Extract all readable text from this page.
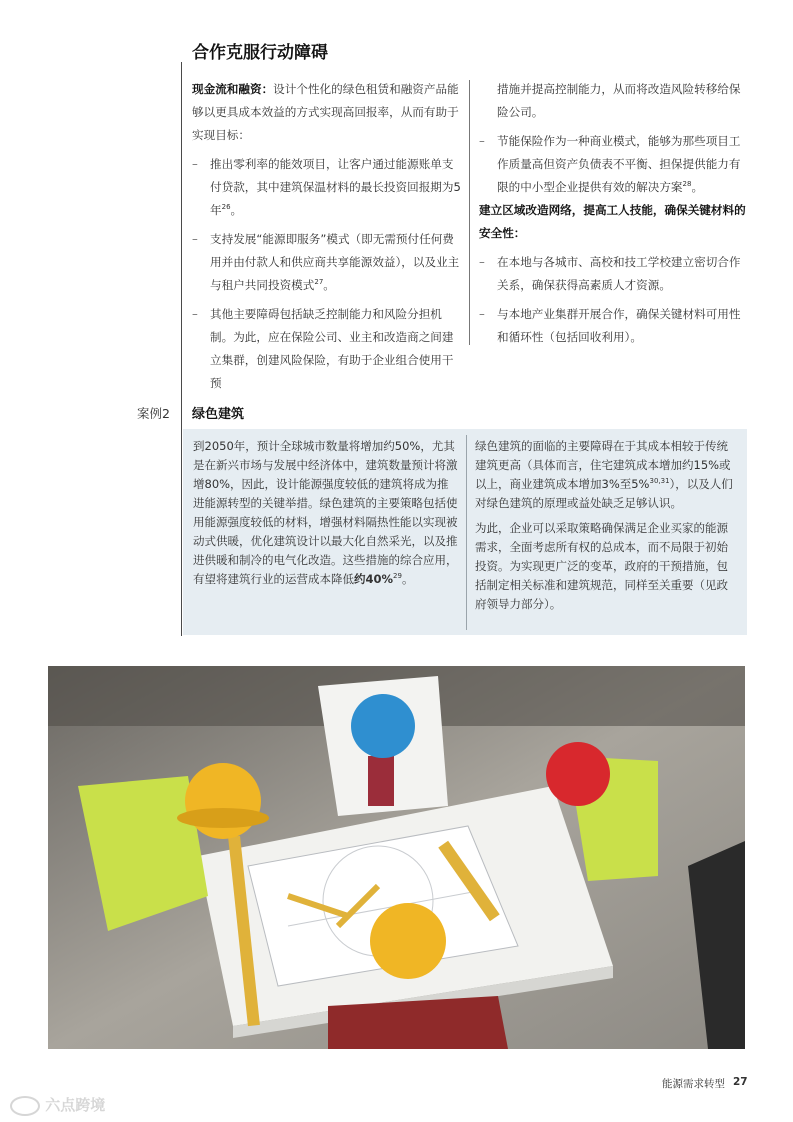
合作克服行动障碍

现金流和融资：设计个性化的绿色租赁和融资产品能够以更具成本效益的方式实现高回报率，从而有助于实现目标：

– 推出零利率的能效项目，让客户通过能源账单支付贷款，其中建筑保温材料的最长投资回报期为5年$^{26}$。
– 支持发展“能源即服务”模式（即无需预付任何费用并由付款人和供应商共享能源效益），以及业主与租户共同投资模式$^{27}$。
– 其他主要障碍包括缺乏控制能力和风险分担机制。为此，应在保险公司、业主和改造商之间建立集群，创建风险保险，有助于企业组合使用干预

措施并提高控制能力，从而将改造风险转移给保险公司。

– 节能保险作为一种商业模式，能够为那些项目工作质量高但资产负债表不平衡、担保提供能力有限的中小型企业提供有效的解决方案$^{28}$。

建立区域改造网络，提高工人技能，确保关键材料的安全性：

– 在本地与各城市、高校和技工学校建立密切合作关系，确保获得高素质人才资源。
– 与本地产业集群开展合作，确保关键材料可用性和循环性（包括回收利用）。
案例2 绿色建筑

到2050年，预计全球城市数量将增加约50%，尤其是在新兴市场与发展中经济体中，建筑数量预计将激增80%，因此，设计能源强度较低的建筑将成为推进能源转型的关键举措。绿色建筑的主要策略包括使用能源强度较低的材料，增强材料隔热性能以实现被动式供暖，优化建筑设计以最大化自然采光，以及推进供暖和制冷的电气化改造。这些措施的综合应用，有望将建筑行业的运营成本降低约40%$^{29}$。

绿色建筑的面临的主要障碍在于其成本相较于传统建筑更高（具体而言，住宅建筑成本增加约15%或以上，商业建筑成本增加3%至5%$^{30,31}$），以及人们对绿色建筑的原理或益处缺乏足够认识。

为此，企业可以采取策略确保满足企业买家的能源需求，全面考虑所有权的总成本，而不局限于初始投资。为实现更广泛的变革，政府的干预措施，包括制定相关标准和建筑规范，同样至关重要（见政府领导力部分）。

能源需求转型 27
六点跨境
